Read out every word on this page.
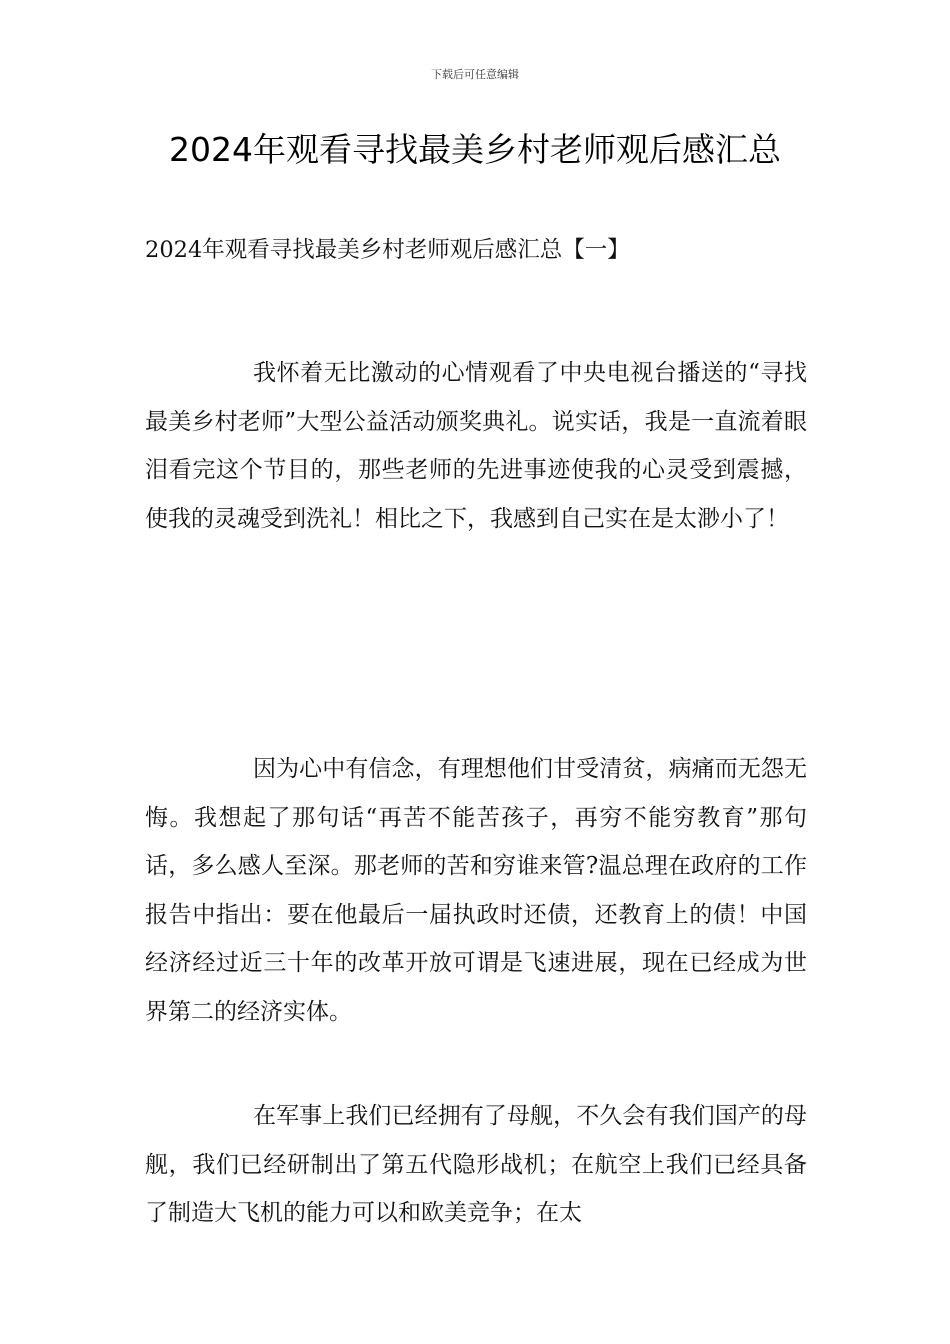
下载后可任意编辑
2024年观看寻找最美乡村老师观后感汇总
2024年观看寻找最美乡村老师观后感汇总【一】

我怀着无比激动的心情观看了中央电视台播送的“寻找最美乡村老师”大型公益活动颁奖典礼。说实话，我是一直流着眼泪看完这个节目的，那些老师的先进事迹使我的心灵受到震撼，使我的灵魂受到洗礼！相比之下，我感到自己实在是太渺小了！

因为心中有信念，有理想他们甘受清贫，病痛而无怨无悔。我想起了那句话“再苦不能苦孩子，再穷不能穷教育”那句话，多么感人至深。那老师的苦和穷谁来管?温总理在政府的工作报告中指出：要在他最后一届执政时还债，还教育上的债！中国经济经过近三十年的改革开放可谓是飞速进展，现在已经成为世界第二的经济实体。

在军事上我们已经拥有了母舰，不久会有我们国产的母舰，我们已经研制出了第五代隐形战机；在航空上我们已经具备了制造大飞机的能力可以和欧美竞争；在太
